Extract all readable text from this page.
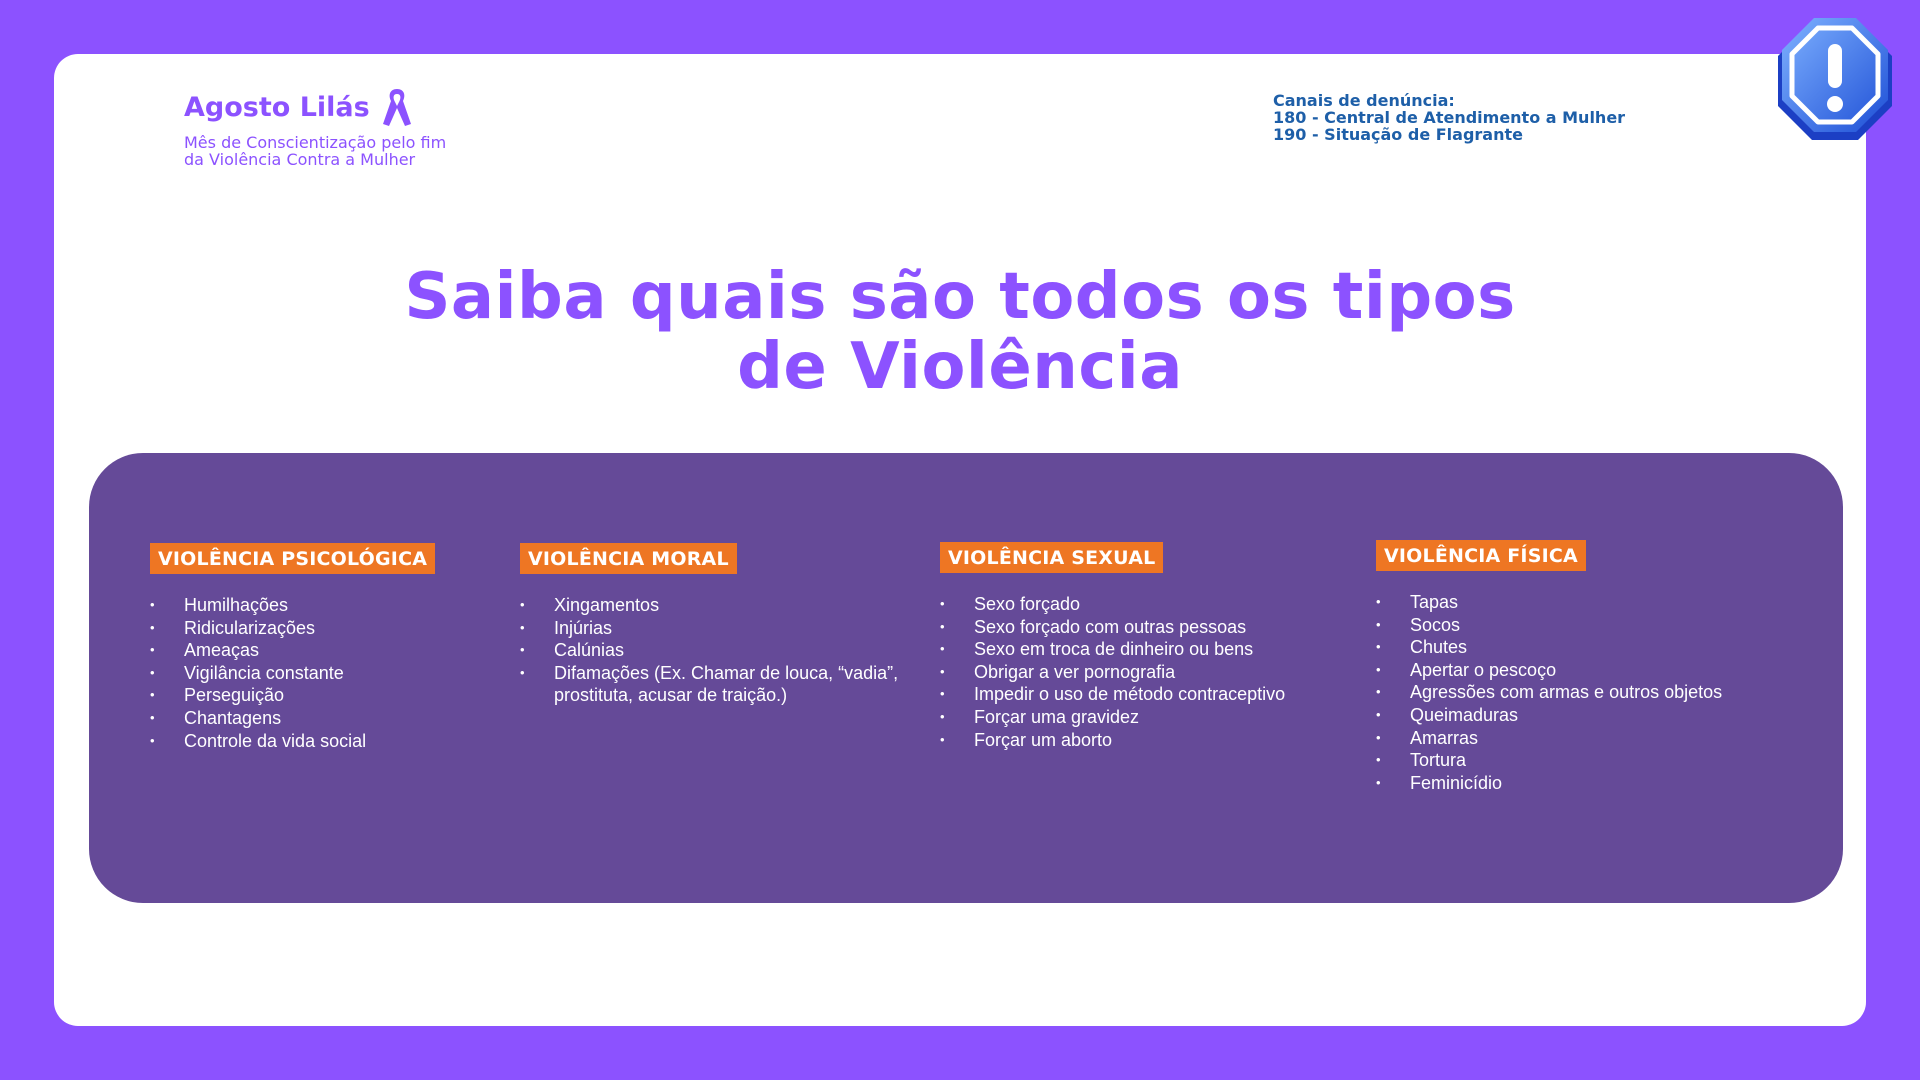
Agosto Lilás
Mês de Conscientização pelo fim
da Violência Contra a Mulher
Canais de denúncia:
180 - Central de Atendimento a Mulher
190 - Situação de Flagrante
Saiba quais são todos os tipos
de Violência
VIOLÊNCIA PSICOLÓGICA
• Humilhações
• Ridicularizações
• Ameaças
• Vigilância constante
• Perseguição
• Chantagens
• Controle da vida social
VIOLÊNCIA MORAL
• Xingamentos
• Injúrias
• Calúnias
• Difamações (Ex. Chamar de louca, “vadia”, prostituta, acusar de traição.)
VIOLÊNCIA SEXUAL
• Sexo forçado
• Sexo forçado com outras pessoas
• Sexo em troca de dinheiro ou bens
• Obrigar a ver pornografia
• Impedir o uso de método contraceptivo
• Forçar uma gravidez
• Forçar um aborto
VIOLÊNCIA FÍSICA
• Tapas
• Socos
• Chutes
• Apertar o pescoço
• Agressões com armas e outros objetos
• Queimaduras
• Amarras
• Tortura
• Feminicídio
